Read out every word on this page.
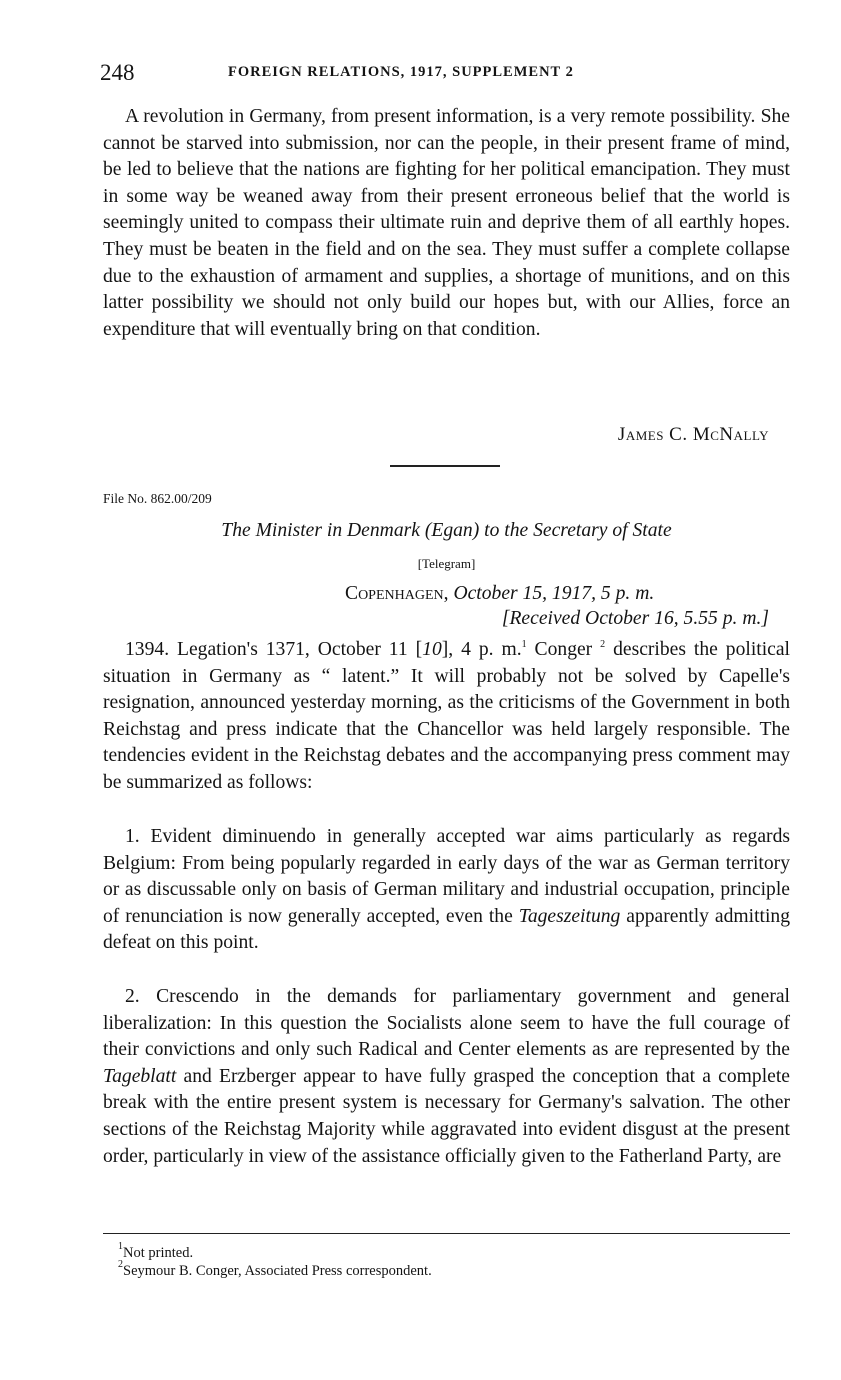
248	FOREIGN RELATIONS, 1917, SUPPLEMENT 2

A revolution in Germany, from present information, is a very remote possibility. She cannot be starved into submission, nor can the people, in their present frame of mind, be led to believe that the nations are fighting for her political emancipation. They must in some way be weaned away from their present erroneous belief that the world is seemingly united to compass their ultimate ruin and deprive them of all earthly hopes. They must be beaten in the field and on the sea. They must suffer a complete collapse due to the exhaustion of armament and supplies, a shortage of munitions, and on this latter possibility we should not only build our hopes but, with our Allies, force an expenditure that will eventually bring on that condition.

James C. McNally
File No. 862.00/209
The Minister in Denmark (Egan) to the Secretary of State
[Telegram]
Copenhagen, October 15, 1917, 5 p. m.
[Received October 16, 5.55 p. m.]

1394. Legation's 1371, October 11 [10], 4 p. m.$^1$ Conger $^2$ describes the political situation in Germany as “ latent.” It will probably not be solved by Capelle's resignation, announced yesterday morning, as the criticisms of the Government in both Reichstag and press indicate that the Chancellor was held largely responsible. The tendencies evident in the Reichstag debates and the accompanying press comment may be summarized as follows:

1. Evident diminuendo in generally accepted war aims particularly as regards Belgium: From being popularly regarded in early days of the war as German territory or as discussable only on basis of German military and industrial occupation, principle of renunciation is now generally accepted, even the Tageszeitung apparently admitting defeat on this point.

2. Crescendo in the demands for parliamentary government and general liberalization: In this question the Socialists alone seem to have the full courage of their convictions and only such Radical and Center elements as are represented by the Tageblatt and Erzberger appear to have fully grasped the conception that a complete break with the entire present system is necessary for Germany's salvation. The other sections of the Reichstag Majority while aggravated into evident disgust at the present order, particularly in view of the assistance officially given to the Fatherland Party, are

$^1$Not printed.
$^2$Seymour B. Conger, Associated Press correspondent.
